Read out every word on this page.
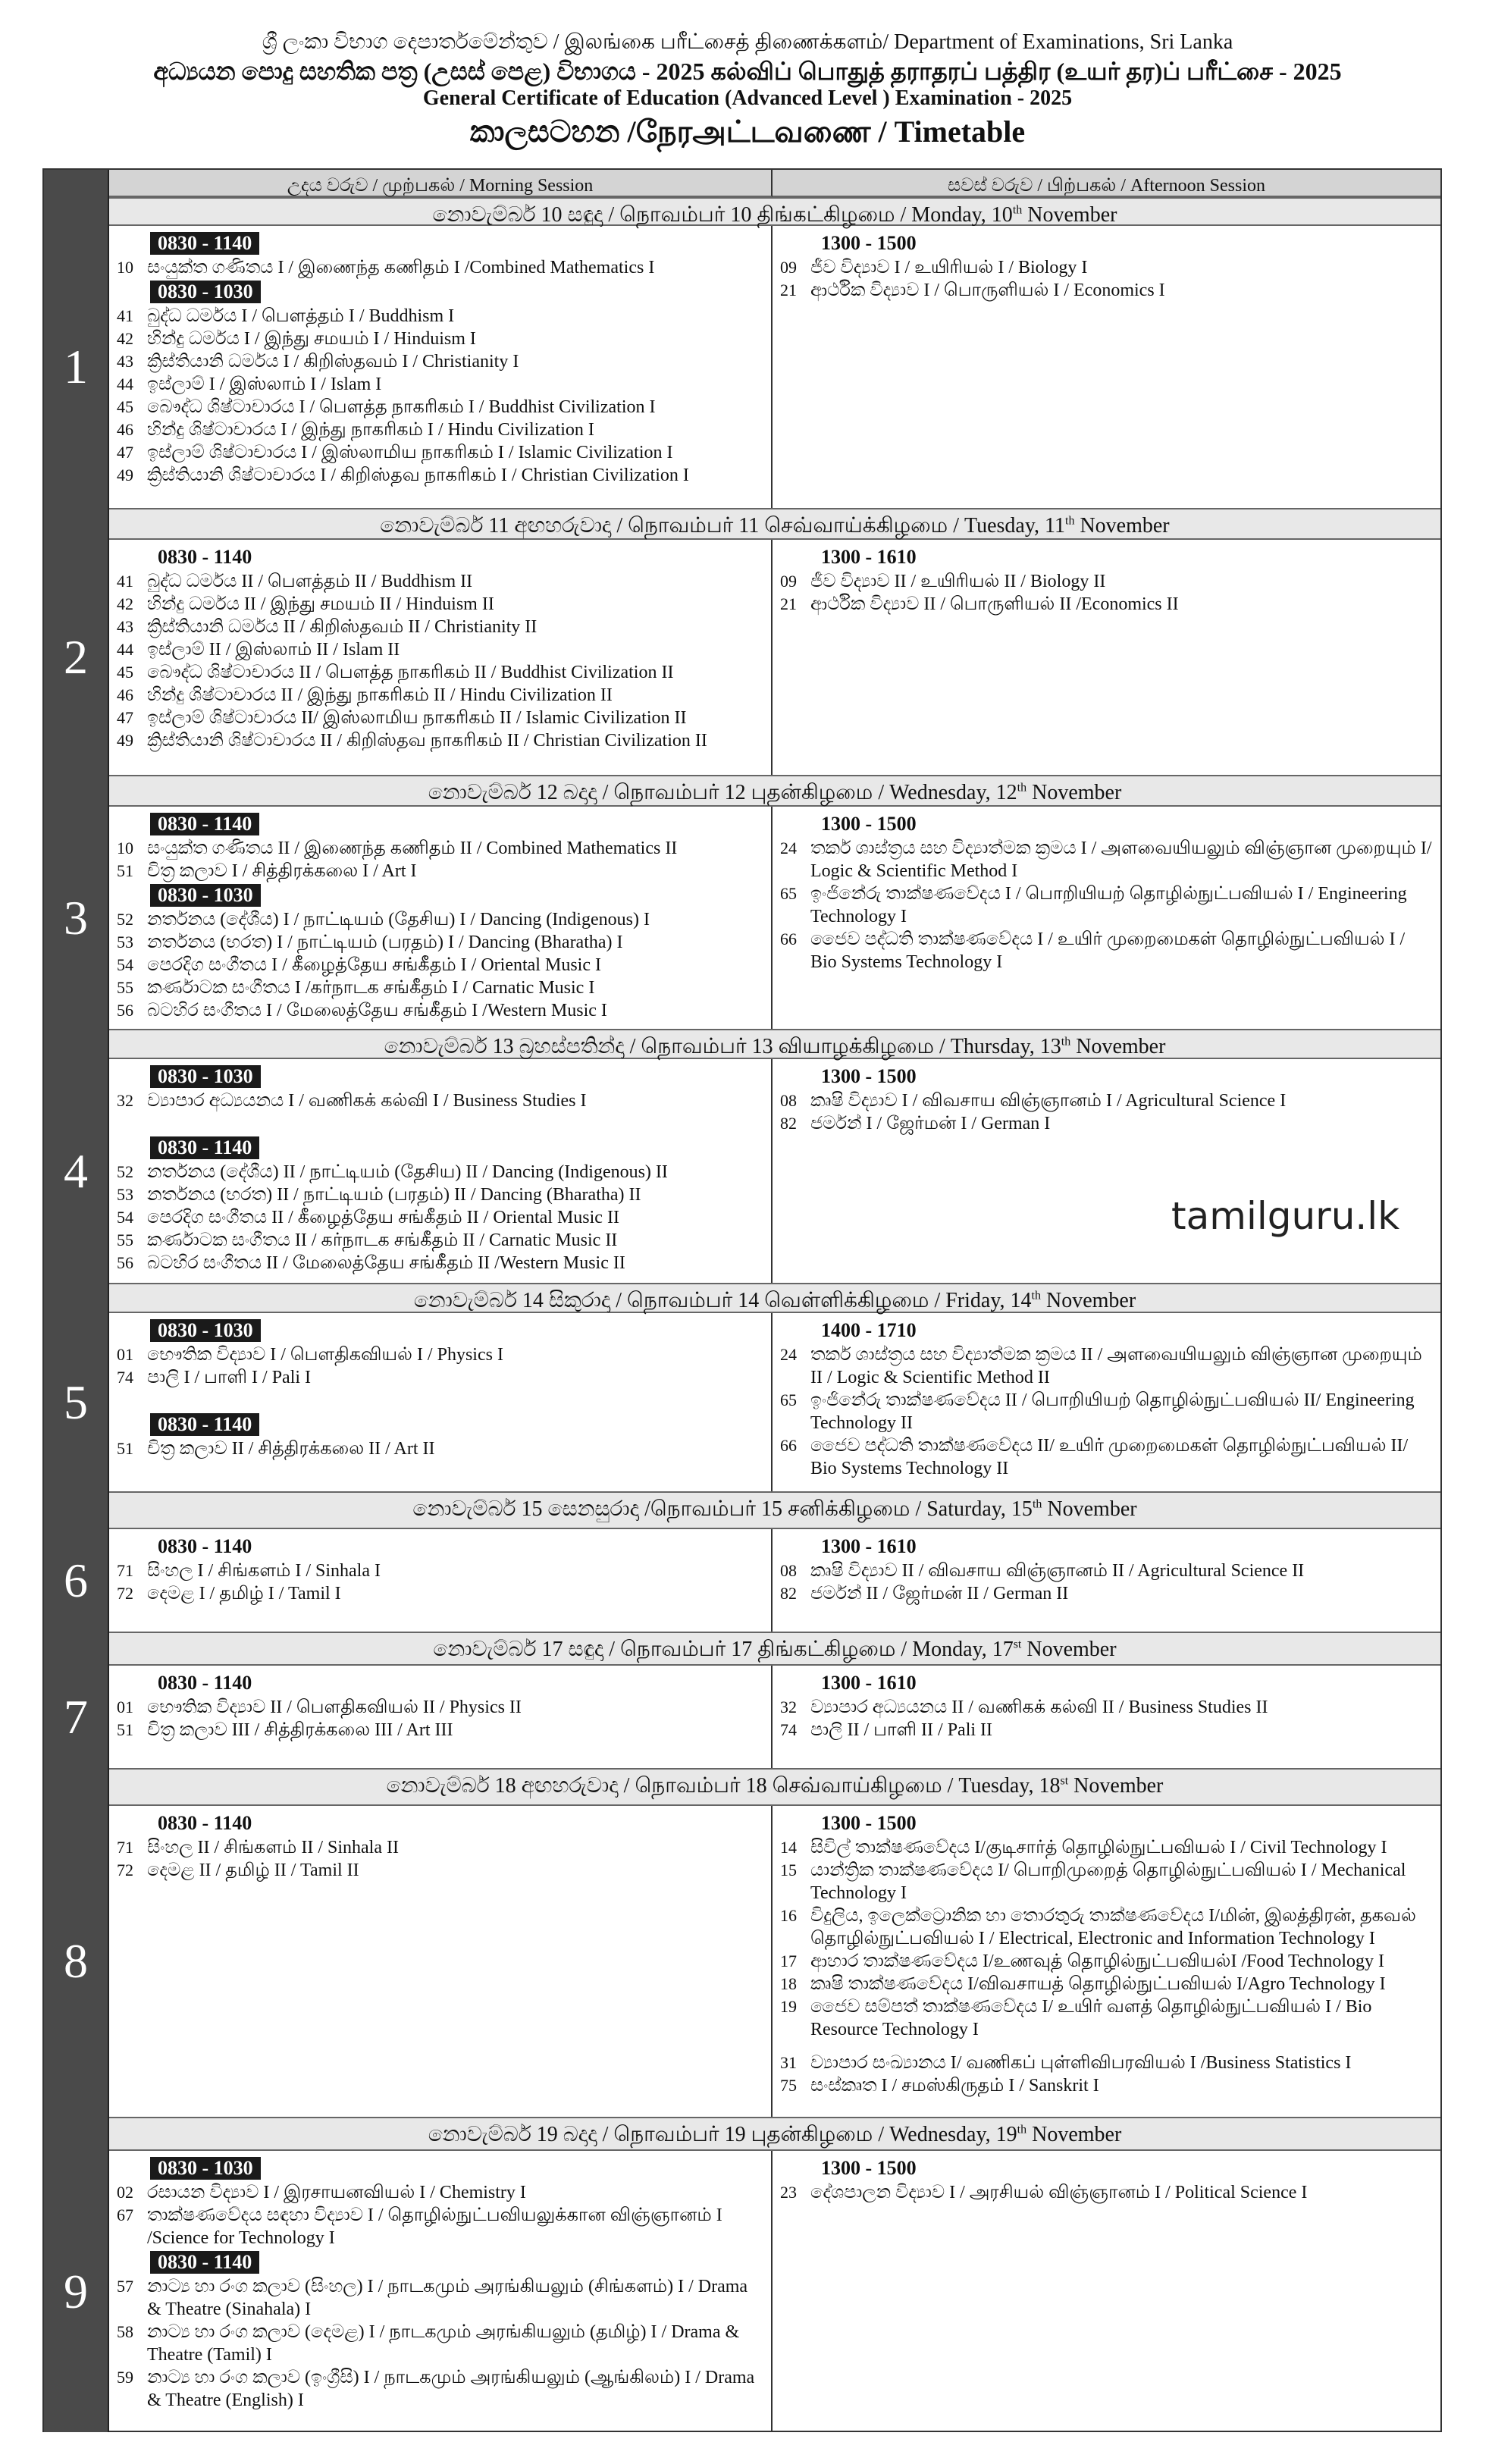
ශ්‍රී ලංකා විභාග දෙපාර්තමේන්තුව / இலங்கை பரீட்சைத் திணைக்களம்/ Department of Examinations, Sri Lanka
අධ්‍යයන පොදු සහතික පත්‍ර (උසස් පෙළ) විභාගය - 2025 கல்விப் பொதுத் தராதரப் பத்திர (உயர் தர)ப் பரீட்சை - 2025
General Certificate of Education (Advanced Level ) Examination - 2025
කාලසටහන /நேரஅட்டவணை / Timetable
උදය වරුව / முற்பகல் / Morning Session	සවස් වරුව / பிற்பகல் / Afternoon Session
නොවැම්බර් 10 සඳුදා / நொவம்பர் 10 திங்கட்கிழமை / Monday, 10th November
1
0830 - 1140
10 සංයුක්ත ගණිතය I / இணைந்த கணிதம் I /Combined Mathematics I
0830 - 1030
41 බුද්ධ ධර්මය I / பௌத்தம் I / Buddhism I
42 හින්දු ධර්මය I / இந்து சமயம் I / Hinduism I
43 ක්‍රිස්තියානි ධර්මය I / கிறிஸ்தவம் I / Christianity I
44 ඉස්ලාම් I / இஸ்லாம் I / Islam I
45 බෞද්ධ ශිෂ්ටාචාරය I / பௌத்த நாகரிகம் I / Buddhist Civilization I
46 හින්දු ශිෂ්ටාචාරය I / இந்து நாகரிகம் I / Hindu Civilization I
47 ඉස්ලාම් ශිෂ්ටාචාරය I / இஸ்லாமிய நாகரிகம் I / Islamic Civilization I
49 ක්‍රිස්තියානි ශිෂ්ටාචාරය I / கிறிஸ்தவ நாகரிகம் I / Christian Civilization I
1300 - 1500
09 ජීව විද්‍යාව I / உயிரியல் I / Biology I
21 ආර්ථික විද්‍යාව I / பொருளியல் I / Economics I
නොවැම්බර් 11 අඟහරුවාදා / நொவம்பர் 11 செவ்வாய்க்கிழமை / Tuesday, 11th November
2
0830 - 1140
41 බුද්ධ ධර්මය II / பௌத்தம் II / Buddhism II
42 හින්දු ධර්මය II / இந்து சமயம் II / Hinduism II
43 ක්‍රිස්තියානි ධර්මය II / கிறிஸ்தவம் II / Christianity II
44 ඉස්ලාම් II / இஸ்லாம் II / Islam II
45 බෞද්ධ ශිෂ්ටාචාරය II / பௌத்த நாகரிகம் II / Buddhist Civilization II
46 හින්දු ශිෂ්ටාචාරය II / இந்து நாகரிகம் II / Hindu Civilization II
47 ඉස්ලාම් ශිෂ්ටාචාරය II/ இஸ்லாமிய நாகரிகம் II / Islamic Civilization II
49 ක්‍රිස්තියානි ශිෂ්ටාචාරය II / கிறிஸ்தவ நாகரிகம் II / Christian Civilization II
1300 - 1610
09 ජීව විද්‍යාව II / உயிரியல் II / Biology II
21 ආර්ථික විද්‍යාව II / பொருளியல் II /Economics II
නොවැම්බර් 12 බදාදා / நொவம்பர் 12 புதன்கிழமை / Wednesday, 12th November
3
0830 - 1140
10 සංයුක්ත ගණිතය II / இணைந்த கணிதம் II / Combined Mathematics II
51 චිත්‍ර කලාව I / சித்திரக்கலை I / Art I
0830 - 1030
52 නර්තනය (දේශීය) I / நாட்டியம் (தேசிய) I / Dancing (Indigenous) I
53 නර්තනය (භරත) I / நாட்டியம் (பரதம்) I / Dancing (Bharatha) I
54 පෙරදිග සංගීතය I / கீழைத்தேய சங்கீதம் I / Oriental Music I
55 කර්ණාටක සංගීතය I /கர்நாடக சங்கீதம் I / Carnatic Music I
56 බටහිර සංගීතය I / மேலைத்தேய சங்கீதம் I /Western Music I
1300 - 1500
24 තර්ක ශාස්ත්‍රය සහ විද්‍යාත්මක ක්‍රමය I / அளவையியலும் விஞ்ஞான முறையும் I/ Logic & Scientific Method I
65 ඉංජිනේරු තාක්ෂණවේදය I / பொறியியற் தொழில்நுட்பவியல் I / Engineering Technology I
66 ජෛව පද්ධති තාක්ෂණවේදය I / உயிர் முறைமைகள் தொழில்நுட்பவியல் I / Bio Systems Technology I
නොවැම්බර් 13 බ්‍රහස්පතින්දා / நொவம்பர் 13 வியாழக்கிழமை / Thursday, 13th November
4
0830 - 1030
32 ව්‍යාපාර අධ්‍යයනය I / வணிகக் கல்வி I / Business Studies I
0830 - 1140
52 නර්තනය (දේශීය) II / நாட்டியம் (தேசிய) II / Dancing (Indigenous) II
53 නර්තනය (භරත) II / நாட்டியம் (பரதம்) II / Dancing (Bharatha) II
54 පෙරදිග සංගීතය II / கீழைத்தேய சங்கீதம் II / Oriental Music II
55 කර්ණාටක සංගීතය II / கர்நாடக சங்கீதம் II / Carnatic Music II
56 බටහිර සංගීතය II / மேலைத்தேய சங்கீதம் II /Western Music II
1300 - 1500
08 කෘෂි විද්‍යාව I / விவசாய விஞ்ஞானம் I / Agricultural Science I
82 ජර්මන් I / ஜேர்மன் I / German I
නොවැම්බර් 14 සිකුරාදා / நொவம்பர் 14 வெள்ளிக்கிழமை / Friday, 14th November
5
0830 - 1030
01 භෞතික විද්‍යාව I / பௌதிகவியல் I / Physics I
74 පාලි I / பாளி I / Pali I
0830 - 1140
51 චිත්‍ර කලාව II / சித்திரக்கலை II / Art II
1400 - 1710
24 තර්ක ශාස්ත්‍රය සහ විද්‍යාත්මක ක්‍රමය II / அளவையியலும் விஞ்ஞான முறையும் II / Logic & Scientific Method II
65 ඉංජිනේරු තාක්ෂණවේදය II / பொறியியற் தொழில்நுட்பவியல் II/ Engineering Technology II
66 ජෛව පද්ධති තාක්ෂණවේදය II/ உயிர் முறைமைகள் தொழில்நுட்பவியல் II/ Bio Systems Technology II
නොවැම්බර් 15 සෙනසුරාදා /நொவம்பர் 15 சனிக்கிழமை / Saturday, 15th November
6
0830 - 1140
71 සිංහල I / சிங்களம் I / Sinhala I
72 දෙමළ I / தமிழ் I / Tamil I
1300 - 1610
08 කෘෂි විද්‍යාව II / விவசாய விஞ்ஞானம் II / Agricultural Science II
82 ජර්මන් II / ஜேர்மன் II / German II
නොවැම්බර් 17 සඳුදා / நொவம்பர் 17 திங்கட்கிழமை / Monday, 17st November
7
0830 - 1140
01 භෞතික විද්‍යාව II / பௌதிகவியல் II / Physics II
51 චිත්‍ර කලාව III / சித்திரக்கலை III / Art III
1300 - 1610
32 ව්‍යාපාර අධ්‍යයනය II / வணிகக் கல்வி II / Business Studies II
74 පාලි II / பாளி II / Pali II
නොවැම්බර් 18 අඟහරුවාදා / நொவம்பர் 18 செவ்வாய்கிழமை / Tuesday, 18st November
8
0830 - 1140
71 සිංහල II / சிங்களம் II / Sinhala II
72 දෙමළ II / தமிழ் II / Tamil II
1300 - 1500
14 සිවිල් තාක්ෂණවේදය I/குடிசார்த் தொழில்நுட்பவியல் I / Civil Technology I
15 යාන්ත්‍රික තාක්ෂණවේදය I/ பொறிமுறைத் தொழில்நுட்பவியல் I / Mechanical Technology I
16 විදුලිය, ඉලෙක්ට්‍රොනික හා තොරතුරු තාක්ෂණවේදය I/மின், இலத்திரன், தகவல் தொழில்நுட்பவியல் I / Electrical, Electronic and Information Technology I
17 ආහාර තාක්ෂණවේදය I/உணவுத் தொழில்நுட்பவியல்I /Food Technology I
18 කෘෂි තාක්ෂණවේදය I/விவசாயத் தொழில்நுட்பவியல் I/Agro Technology I
19 ජෛව සම්පත් තාක්ෂණවේදය I/ உயிர் வளத் தொழில்நுட்பவியல் I / Bio Resource Technology I
31 ව්‍යාපාර සංඛ්‍යානය I/ வணிகப் புள்ளிவிபரவியல் I /Business Statistics I
75 සංස්කෘත I / சமஸ்கிருதம் I / Sanskrit I
නොවැම්බර් 19 බදාදා / நொவம்பர் 19 புதன்கிழமை / Wednesday, 19th November
9
0830 - 1030
02 රසායන විද්‍යාව I / இரசாயனவியல் I / Chemistry I
67 තාක්ෂණවේදය සඳහා විද්‍යාව I / தொழில்நுட்பவியலுக்கான விஞ்ஞானம் I /Science for Technology I
0830 - 1140
57 නාට්‍ය හා රංග කලාව (සිංහල) I / நாடகமும் அரங்கியலும் (சிங்களம்) I / Drama & Theatre (Sinahala) I
58 නාට්‍ය හා රංග කලාව (දෙමළ) I / நாடகமும் அரங்கியலும் (தமிழ்) I / Drama & Theatre (Tamil) I
59 නාට්‍ය හා රංග කලාව (ඉංග්‍රීසි) I / நாடகமும் அரங்கியலும் (ஆங்கிலம்) I / Drama & Theatre (English) I
1300 - 1500
23 දේශපාලන විද්‍යාව I / அரசியல் விஞ்ஞானம் I / Political Science I
tamilguru.lk
